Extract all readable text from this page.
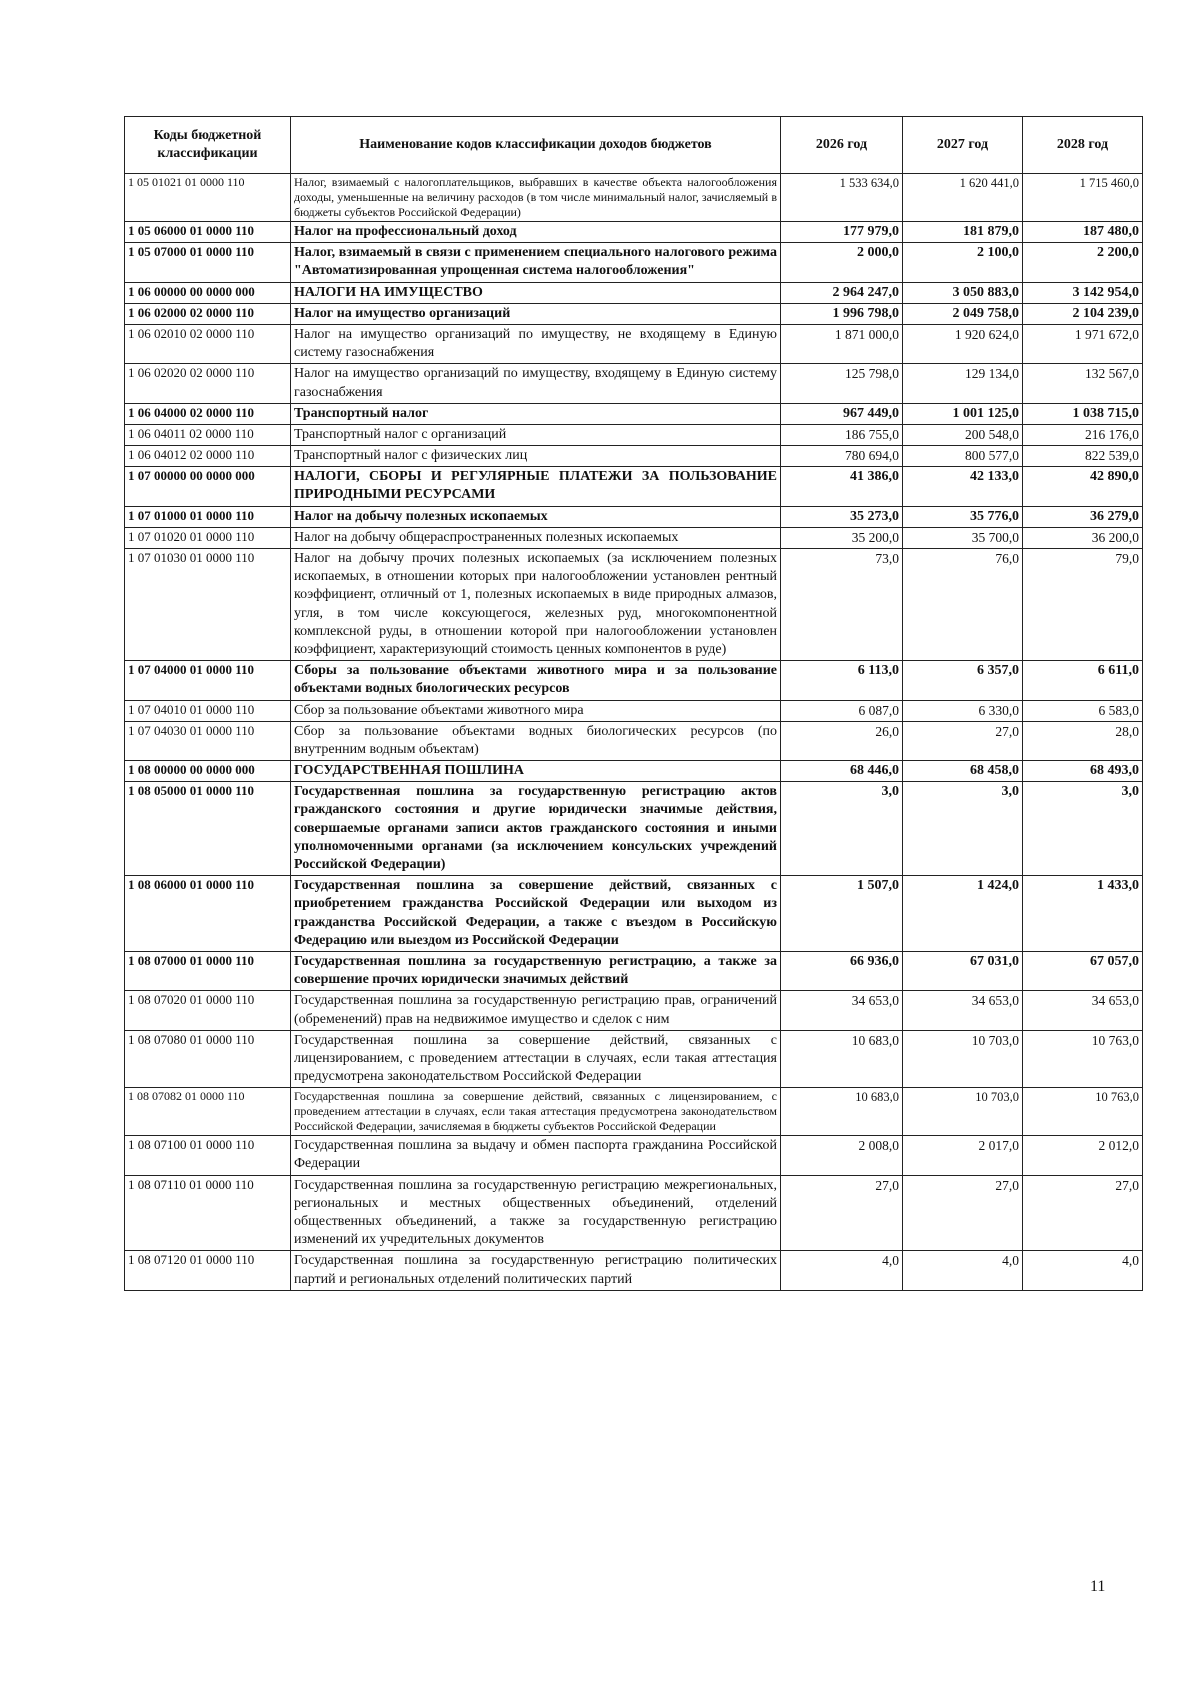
Коды бюджетной классификации	Наименование кодов классификации доходов бюджетов	2026 год	2027 год	2028 год
1 05 01021 01 0000 110	Налог, взимаемый с налогоплательщиков, выбравших в качестве объекта налогообложения доходы, уменьшенные на величину расходов (в том числе минимальный налог, зачисляемый в бюджеты субъектов Российской Федерации)	1 533 634,0	1 620 441,0	1 715 460,0
1 05 06000 01 0000 110	Налог на профессиональный доход	177 979,0	181 879,0	187 480,0
1 05 07000 01 0000 110	Налог, взимаемый в связи с применением специального налогового режима "Автоматизированная упрощенная система налогообложения"	2 000,0	2 100,0	2 200,0
1 06 00000 00 0000 000	НАЛОГИ НА ИМУЩЕСТВО	2 964 247,0	3 050 883,0	3 142 954,0
1 06 02000 02 0000 110	Налог на имущество организаций	1 996 798,0	2 049 758,0	2 104 239,0
1 06 02010 02 0000 110	Налог на имущество организаций по имуществу, не входящему в Единую систему газоснабжения	1 871 000,0	1 920 624,0	1 971 672,0
1 06 02020 02 0000 110	Налог на имущество организаций по имуществу, входящему в Единую систему газоснабжения	125 798,0	129 134,0	132 567,0
1 06 04000 02 0000 110	Транспортный налог	967 449,0	1 001 125,0	1 038 715,0
1 06 04011 02 0000 110	Транспортный налог с организаций	186 755,0	200 548,0	216 176,0
1 06 04012 02 0000 110	Транспортный налог с физических лиц	780 694,0	800 577,0	822 539,0
1 07 00000 00 0000 000	НАЛОГИ, СБОРЫ И РЕГУЛЯРНЫЕ ПЛАТЕЖИ ЗА ПОЛЬЗОВАНИЕ ПРИРОДНЫМИ РЕСУРСАМИ	41 386,0	42 133,0	42 890,0
1 07 01000 01 0000 110	Налог на добычу полезных ископаемых	35 273,0	35 776,0	36 279,0
1 07 01020 01 0000 110	Налог на добычу общераспространенных полезных ископаемых	35 200,0	35 700,0	36 200,0
1 07 01030 01 0000 110	Налог на добычу прочих полезных ископаемых (за исключением полезных ископаемых, в отношении которых при налогообложении установлен рентный коэффициент, отличный от 1, полезных ископаемых в виде природных алмазов, угля, в том числе коксующегося, железных руд, многокомпонентной комплексной руды, в отношении которой при налогообложении установлен коэффициент, характеризующий стоимость ценных компонентов в руде)	73,0	76,0	79,0
1 07 04000 01 0000 110	Сборы за пользование объектами животного мира и за пользование объектами водных биологических ресурсов	6 113,0	6 357,0	6 611,0
1 07 04010 01 0000 110	Сбор за пользование объектами животного мира	6 087,0	6 330,0	6 583,0
1 07 04030 01 0000 110	Сбор за пользование объектами водных биологических ресурсов (по внутренним водным объектам)	26,0	27,0	28,0
1 08 00000 00 0000 000	ГОСУДАРСТВЕННАЯ ПОШЛИНА	68 446,0	68 458,0	68 493,0
1 08 05000 01 0000 110	Государственная пошлина за государственную регистрацию актов гражданского состояния и другие юридически значимые действия, совершаемые органами записи актов гражданского состояния и иными уполномоченными органами (за исключением консульских учреждений Российской Федерации)	3,0	3,0	3,0
1 08 06000 01 0000 110	Государственная пошлина за совершение действий, связанных с приобретением гражданства Российской Федерации или выходом из гражданства Российской Федерации, а также с въездом в Российскую Федерацию или выездом из Российской Федерации	1 507,0	1 424,0	1 433,0
1 08 07000 01 0000 110	Государственная пошлина за государственную регистрацию, а также за совершение прочих юридически значимых действий	66 936,0	67 031,0	67 057,0
1 08 07020 01 0000 110	Государственная пошлина за государственную регистрацию прав, ограничений (обременений) прав на недвижимое имущество и сделок с ним	34 653,0	34 653,0	34 653,0
1 08 07080 01 0000 110	Государственная пошлина за совершение действий, связанных с лицензированием, с проведением аттестации в случаях, если такая аттестация предусмотрена законодательством Российской Федерации	10 683,0	10 703,0	10 763,0
1 08 07082 01 0000 110	Государственная пошлина за совершение действий, связанных с лицензированием, с проведением аттестации в случаях, если такая аттестация предусмотрена законодательством Российской Федерации, зачисляемая в бюджеты субъектов Российской Федерации	10 683,0	10 703,0	10 763,0
1 08 07100 01 0000 110	Государственная пошлина за выдачу и обмен паспорта гражданина Российской Федерации	2 008,0	2 017,0	2 012,0
1 08 07110 01 0000 110	Государственная пошлина за государственную регистрацию межрегиональных, региональных и местных общественных объединений, отделений общественных объединений, а также за государственную регистрацию изменений их учредительных документов	27,0	27,0	27,0
1 08 07120 01 0000 110	Государственная пошлина за государственную регистрацию политических партий и региональных отделений политических партий	4,0	4,0	4,0
11
